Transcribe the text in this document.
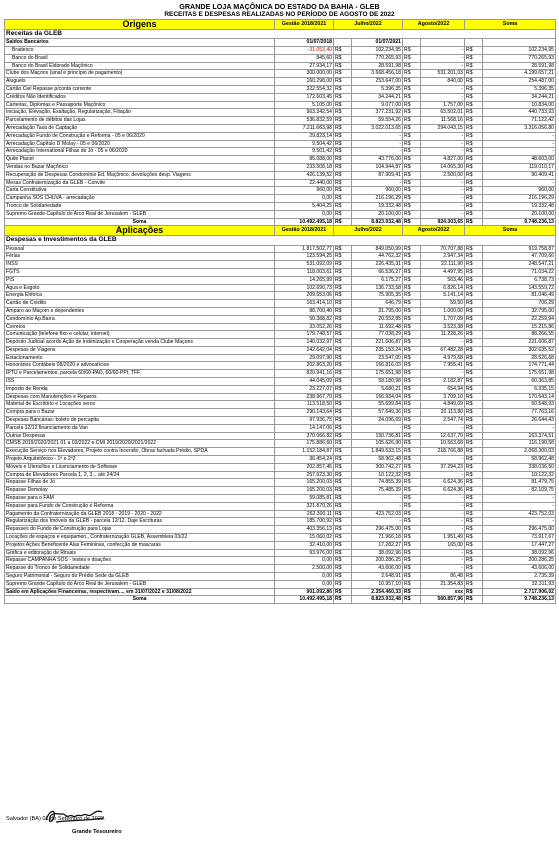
GRANDE LOJA MAÇÔNICA DO ESTADO DA BAHIA - GLEB
RECEITAS E DESPESAS REALIZADAS NO PERÍODO DE AGOSTO DE 2022
Origens	Gestão 2018/2021	Julho/2022		Agosto/2022		Soma	
Receitas da GLEB							
Saldos Bancários	01/07/2018		01/07/2021				
Bradesco	-31.053,40	R$	102.234,95	R$	-	R$	102.234,95
Banco do Brasil	845,60	R$	770.265,93	R$	-	R$	770.265,93
Banco do Brasil Eldorado Maçônico	27.934,17	R$	28.591,98	R$	-	R$	28.591,98
Clube dos Maçons (sinal e princípio de pagamento)	300.000,00	R$	3.668.456,18	R$	531.201,03	R$	4.199.657,21
Aluguéis	160.298,00	R$	253.647,00	R$	840,00	R$	254.487,00
Cartão Ciel Repasse p/conta corrente	322.554,32	R$	5.396,35	R$	-	R$	5.396,35
Créditos Não Identificados	172.603,45	R$	34.244,21	R$	-	R$	34.244,21
Carteiras, Diplomas e Passaporte Maçônico	5.105,00	R$	9.077,00	R$	1.757,00	R$	10.834,00
Iniciação, Elevação, Exaltação, Regularização, Filiação	963.342,54	R$	377.231,92	R$	63.502,01	R$	440.733,93
Parcelamento de débitos das Lojas	536.832,59	R$	59.554,26	R$	11.568,16	R$	71.122,42
Arrecadação Taxa de Captação	7.211.663,98	R$	3.022.013,65	R$	294.043,15	R$	3.316.056,80
Arrecadação Fundo de Construção e Reforma - 05 e 06/2020	29.823,14	R$	-	R$	-	R$	-
Arrecadação Capítulo D´Molay - 05 e 06/2020	9.504,42	R$	-	R$	-	R$	-
Arrecadação International Filhas de Jó - 05 e 06/2020	9.501,42	R$	-	R$	-	R$	-
Quite Placet	85.088,00	R$	43.776,00	R$	4.827,00	R$	48.603,00
Vendas no Bazar Maçônico	233.508,18	R$	104.944,87	R$	14.065,30	R$	119.010,17
Recuperação de Despesas Condomínio Ed. Maçônico, devoluções desp. Viagens	426.139,52	R$	87.909,41	R$	2.500,00	R$	90.409,41
Mesas Confraternização da GLEB - Convite	22.440,00	R$	-	R$	-	R$	-
Carta Constitutiva	960,00	R$	960,00	R$	-	R$	960,00
Campanha SOS CHUVA - arrecadação	0,00	R$	216.196,29	R$	-	R$	216.196,29
Tronco de Solidariedade	5.404,25	R$	19.332,48	R$	-	R$	19.332,48
Supremo Grande Capítulo do Arco Real de Jerusalem - GLEB	0,00	R$	20.100,00	R$	-	R$	20.100,00
Soma	10.492.495,18	R$	8.823.932,48	R$	924.303,65	R$	9.748.236,13
Aplicações	Gestão 2018/2021	Julho/2022		Agosto/2022		Soma	
Despesas e Investimentos da GLEB							
Pessoal	1.817.502,77	R$	849.050,99	R$	70.707,88	R$	919.758,87
Férias	123.594,25	R$	44.762,32	R$	2.947,34	R$	47.709,66
INSS	531.092,09	R$	226.435,31	R$	22.111,90	R$	248.547,21
FGTS	118.003,61	R$	66.536,27	R$	4.497,95	R$	71.034,22
PIS	14.265,99	R$	6.175,27	R$	563,46	R$	6.738,73
Água e Esgoto	102.690,73	R$	136.733,58	R$	6.826,14	R$	143.559,72
Energia Elétrica	209.653,06	R$	75.905,35	R$	5.141,14	R$	81.046,49
Cartão de Crédito	163.414,10	R$	646,79	R$	59,50	R$	706,29
Amparo ao Maçom e dependentes	88.700,40	R$	31.795,00	R$	1.000,00	R$	32.795,00
Condomínio Ap.Barra	50.388,82	R$	20.552,85	R$	1.707,09	R$	22.259,94
Correios	33.052,26	R$	11.692,48	R$	3.523,38	R$	15.215,86
Comunicação (telefone fixo e celular, internet)	179.748,57	R$	77.038,29	R$	11.228,26	R$	88.266,55
Depósito Judicial acordo Ação de Indenização e Cooperação venda Clube Maçons	140.032,97	R$	221.606,87	R$	-	R$	221.606,87
Despesas de Viagens	242.642,04	R$	235.153,24	R$	67.482,28	R$	302.635,52
Estacionamento	29.097,90	R$	23.547,00	R$	4.979,68	R$	28.526,68
Honorários Contábeis 08/2020 e advocatícios	202.863,20	R$	166.816,03	R$	7.955,41	R$	174.771,44
IPTU e Parcelamentos, parcela 60/60-PAD, 60/60-PPI, TFF.	820.941,16	R$	175.651,98	R$	-	R$	175.651,98
ISS	44.045,09	R$	58.180,98	R$	2.182,87	R$	60.363,85
Imposto de Renda	23.227,07	R$	5.680,21	R$	654,94	R$	6.335,15
Despesas com Manutenções e Reparos	238.967,70	R$	166.934,04	R$	3.709,10	R$	170.643,14
Material de Escritório e Locações xerox	113.518,50	R$	55.699,84	R$	4.849,09	R$	60.548,93
Compra para o Bazar	290.143,64	R$	57.649,36	R$	20.113,80	R$	77.763,16
Despesas Bancárias: boleto de percapita	97.936,75	R$	24.096,69	R$	2.547,74	R$	26.644,43
Parcela 12/12 financiamento da Van	14.147,06	R$	-	R$	-	R$	-
Outras Despesas	370.066,82	R$	150.736,81	R$	12.637,70	R$	163.374,51
CMSB 2019/2020/2021 01 a 03/2022 e CMI 2019/2020/2021/2022	175.886,60	R$	105.626,90	R$	10.563,68	R$	116.190,58
Execução Serviço nos Elevadores, Projeto contra Incendio, Obras fachada Prédio, SPDA	1.152.184,87	R$	1.849.533,15	R$	218.766,88	R$	2.068.300,03
Projeto Arquitetônico - 1ª e 2ª2	36.454,24	R$	58.962,48	R$	-	R$	58.962,48
Móveis e Utensílios e Licenciamento de Software	202.857,45	R$	300.742,27	R$	37.294,23	R$	338.036,50
Compra de Elevadores Parcela 1, 2, 3,.. até 24/24	257.623,30	R$	10.122,32	R$	-	R$	10.122,32
Repasse Filhas de Jó	165.200,03	R$	74.855,39	R$	6.624,36	R$	81.479,75
Repasse Demolay	165.200,03	R$	75.485,39	R$	6.624,36	R$	82.109,75
Repasse para o FAM	59.085,81	R$	-	R$	-	R$	-
Repasse para Fundo de Construção e Reforma	321.870,26	R$	-	R$	-	R$	-
Pagamento da Confraternização da GLEB 2018 - 2019 - 2020 - 2022	262.300,11	R$	423.752,03	R$	-	R$	423.752,03
Regularização dos Imóveis da GLEB - parcela 12/12, Daje Escrituras	185.700,92	R$	-	R$	-	R$	-
Repasses do Fundo de Construção para Lojas	403.356,13	R$	296.475,00	R$	-	R$	296.475,00
Locações de espaços e equipamen., Confraternização GLEB, Assembleia 03/22	15.060,02	R$	71.966,18	R$	1.951,49	R$	73.917,67
Projetos Ações Beneficente Alas Femininas, confecção de mascaras	32.410,00	R$	17.282,27	R$	165,00	R$	17.447,27
Gráfica e editoração de Rituais	93.976,00	R$	38.092,96	R$	-	R$	38.092,96
Repasse CAMPANHA SOS - testes e doações	0,00	R$	200.286,25	R$	-	R$	200.286,25
Repasse do Tronco de Solidariedade	2.500,00	R$	43.606,00	R$	-	R$	43.606,00
Seguro Patrimonial - Seguro do Prédio Sede da GLEB	0,00	R$	2.648,91	R$	86,48	R$	2.735,39
Supremo Grande Capítulo do Arco Real de Jerusalem - GLEB	0,00	R$	10.957,10	R$	21.354,83	R$	32.311,93
Saldo em Aplicações Financeiras, respectivam..., em 31/07/2022 e 31/08/2022	901.092,86	R$	2.354.460,33	R$	xxx	R$	2.717.906,02
Soma	10.492.495,18	R$	8.823.932,48	R$	560.857,96	R$	9.748.236,13
Salvador (BA) 01 de Setembro de 2022.
Grande Tesoureiro
